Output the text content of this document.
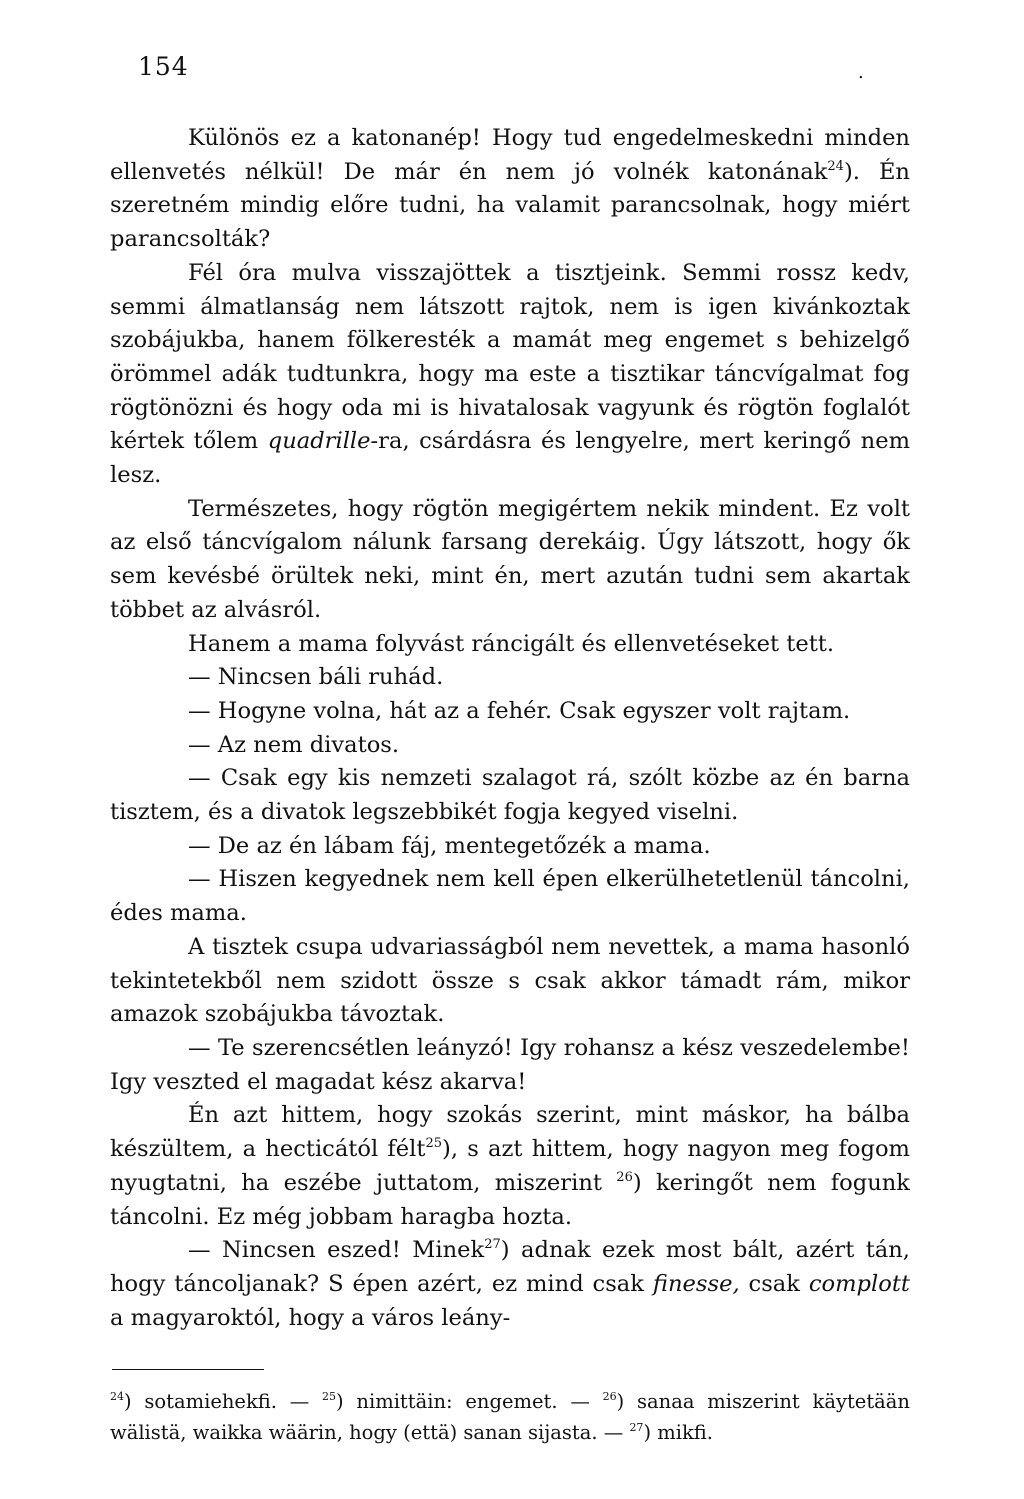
154	.

Különös ez a katonanép! Hogy tud engedelmeskedni minden ellenvetés nélkül! De már én nem jó volnék katonának$^{24}$). Én szeretném mindig előre tudni, ha valamit parancsolnak, hogy miért parancsolták?

Fél óra mulva visszajöttek a tisztjeink. Semmi rossz kedv, semmi álmatlanság nem látszott rajtok, nem is igen kivánkoztak szobájukba, hanem fölkeresték a mamát meg engemet s behizelgő örömmel adák tudtunkra, hogy ma este a tisztikar táncvígalmat fog rögtönözni és hogy oda mi is hivatalosak vagyunk és rögtön foglalót kértek tőlem quadrille-ra, csárdásra és lengyelre, mert keringő nem lesz.

Természetes, hogy rögtön megigértem nekik mindent. Ez volt az első táncvígalom nálunk farsang derekáig. Úgy látszott, hogy ők sem kevésbé örültek neki, mint én, mert azután tudni sem akartak többet az alvásról.

Hanem a mama folyvást ráncigált és ellenvetéseket tett.

— Nincsen báli ruhád.

— Hogyne volna, hát az a fehér. Csak egyszer volt rajtam.

— Az nem divatos.

— Csak egy kis nemzeti szalagot rá, szólt közbe az én barna tisztem, és a divatok legszebbikét fogja kegyed viselni.

— De az én lábam fáj, mentegetőzék a mama.

— Hiszen kegyednek nem kell épen elkerülhetetlenül táncolni, édes mama.

A tisztek csupa udvariasságból nem nevettek, a mama hasonló tekintetekből nem szidott össze s csak akkor támadt rám, mikor amazok szobájukba távoztak.

— Te szerencsétlen leányzó! Igy rohansz a kész veszedelembe! Igy veszted el magadat kész akarva!

Én azt hittem, hogy szokás szerint, mint máskor, ha bálba készültem, a hecticától félt$^{25}$), s azt hittem, hogy nagyon meg fogom nyugtatni, ha eszébe juttatom, miszerint $^{26}$) keringőt nem fogunk táncolni. Ez még jobbam haragba hozta.

— Nincsen eszed! Minek$^{27}$) adnak ezek most bált, azért tán, hogy táncoljanak? S épen azért, ez mind csak finesse, csak complott a magyaroktól, hogy a város leány-

$^{24}$) sotamiehekfi. — $^{25}$) nimittäin: engemet. — $^{26}$) sanaa miszerint käytetään wälistä, waikka wäärin, hogy (että) sanan sijasta. — $^{27}$) mikfi.
